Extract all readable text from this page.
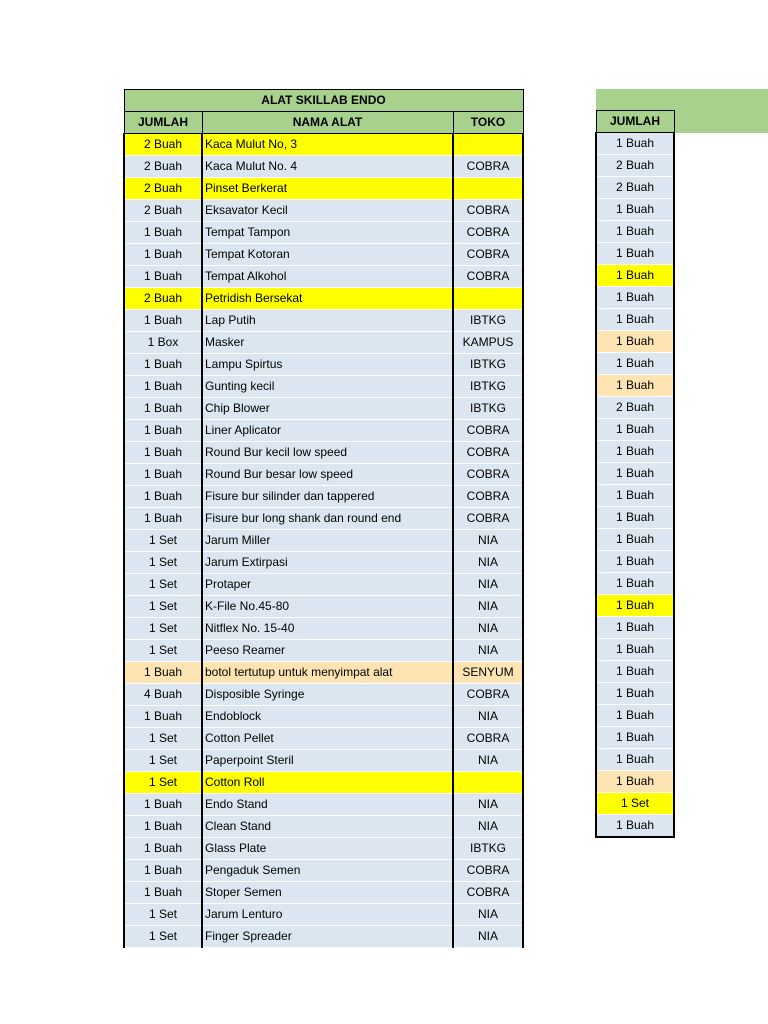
ALAT SKILLAB ENDO		
JUMLAH	NAMA ALAT	TOKO
2 Buah	Kaca Mulut No, 3	
2 Buah	Kaca Mulut No. 4	COBRA
2 Buah	Pinset Berkerat	
2 Buah	Eksavator Kecil	COBRA
1 Buah	Tempat Tampon	COBRA
1 Buah	Tempat Kotoran	COBRA
1 Buah	Tempat Alkohol	COBRA
2 Buah	Petridish Bersekat	
1 Buah	Lap Putih	IBTKG
1 Box	Masker	KAMPUS
1 Buah	Lampu Spirtus	IBTKG
1 Buah	Gunting kecil	IBTKG
1 Buah	Chip Blower	IBTKG
1 Buah	Liner Aplicator	COBRA
1 Buah	Round Bur kecil low speed	COBRA
1 Buah	Round Bur besar low speed	COBRA
1 Buah	Fisure bur silinder dan tappered	COBRA
1 Buah	Fisure bur long shank dan round end	COBRA
1 Set	Jarum Miller	NIA
1 Set	Jarum Extirpasi	NIA
1 Set	Protaper	NIA
1 Set	K-File No.45-80	NIA
1 Set	Nitflex No. 15-40	NIA
1 Set	Peeso Reamer	NIA
1 Buah	botol tertutup untuk menyimpat alat	SENYUM
4 Buah	Disposible Syringe	COBRA
1 Buah	Endoblock	NIA
1 Set	Cotton Pellet	COBRA
1 Set	Paperpoint Steril	NIA
1 Set	Cotton Roll	
1 Buah	Endo Stand	NIA
1 Buah	Clean Stand	NIA
1 Buah	Glass Plate	IBTKG
1 Buah	Pengaduk Semen	COBRA
1 Buah	Stoper Semen	COBRA
1 Set	Jarum Lenturo	NIA
1 Set	Finger Spreader	NIA

JUMLAH
1 Buah
2 Buah
2 Buah
1 Buah
1 Buah
1 Buah
1 Buah
1 Buah
1 Buah
1 Buah
1 Buah
1 Buah
2 Buah
1 Buah
1 Buah
1 Buah
1 Buah
1 Buah
1 Buah
1 Buah
1 Buah
1 Buah
1 Buah
1 Buah
1 Buah
1 Buah
1 Buah
1 Buah
1 Buah
1 Buah
1 Set
1 Buah
